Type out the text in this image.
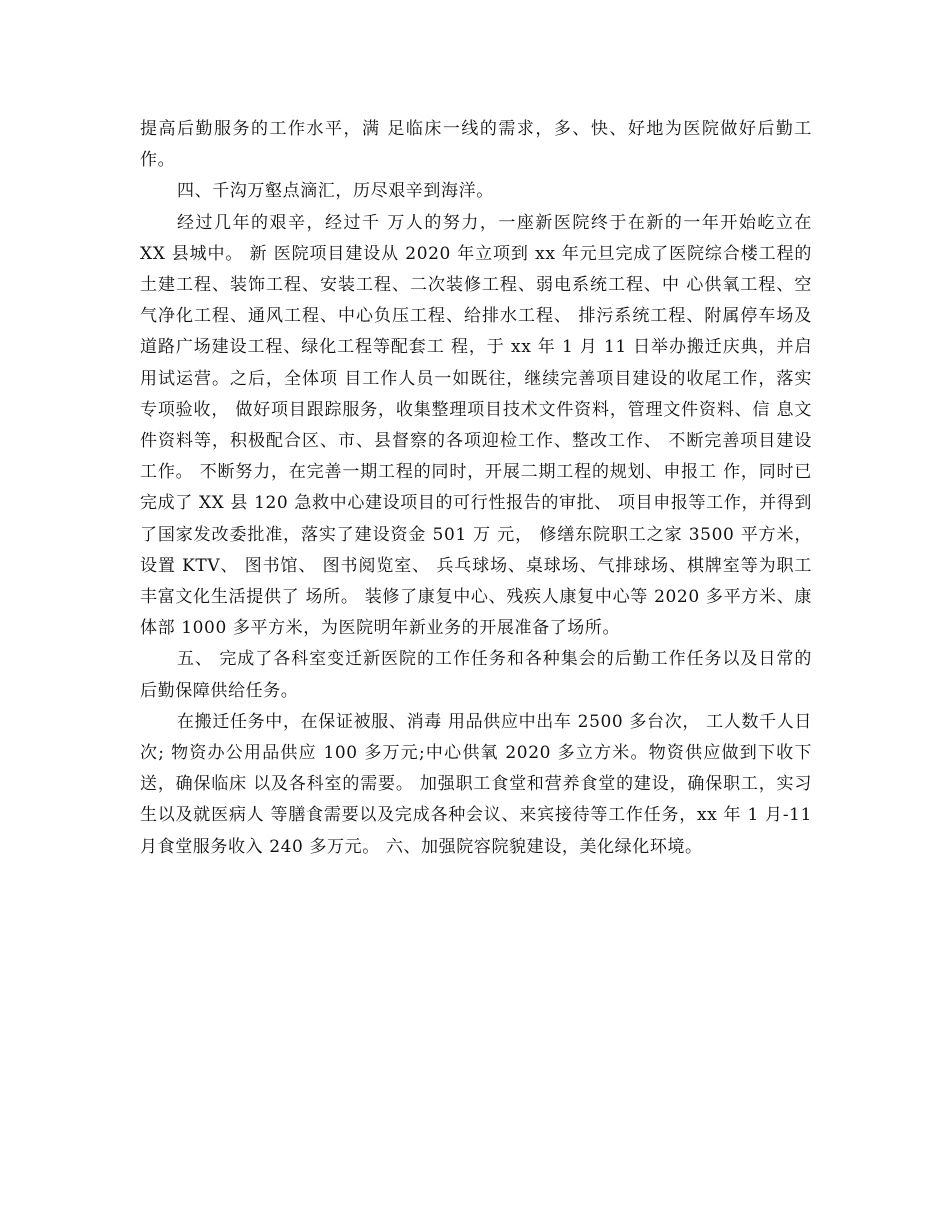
提高后勤服务的工作水平，满 足临床一线的需求，多、快、好地为医院做好后勤工作。

四、千沟万壑点滴汇，历尽艰辛到海洋。

经过几年的艰辛，经过千 万人的努力，一座新医院终于在新的一年开始屹立在 XX 县城中。 新 医院项目建设从 2020 年立项到 xx 年元旦完成了医院综合楼工程的 土建工程、装饰工程、安装工程、二次装修工程、弱电系统工程、中 心供氧工程、空气净化工程、通风工程、中心负压工程、给排水工程、 排污系统工程、附属停车场及道路广场建设工程、绿化工程等配套工 程，于 xx 年 1 月 11 日举办搬迁庆典，并启用试运营。之后，全体项 目工作人员一如既往，继续完善项目建设的收尾工作，落实专项验收， 做好项目跟踪服务，收集整理项目技术文件资料，管理文件资料、信 息文件资料等，积极配合区、市、县督察的各项迎检工作、整改工作、 不断完善项目建设工作。 不断努力，在完善一期工程的同时，开展二期工程的规划、申报工 作，同时已完成了 XX 县 120 急救中心建设项目的可行性报告的审批、 项目申报等工作，并得到了国家发改委批准，落实了建设资金 501 万 元， 修缮东院职工之家 3500 平方米， 设置 KTV、 图书馆、 图书阅览室、 兵乓球场、桌球场、气排球场、棋牌室等为职工丰富文化生活提供了 场所。 装修了康复中心、残疾人康复中心等 2020 多平方米、康体部 1000 多平方米，为医院明年新业务的开展准备了场所。

五、 完成了各科室变迁新医院的工作任务和各种集会的后勤工作任务以及日常的后勤保障供给任务。

在搬迁任务中，在保证被服、消毒 用品供应中出车 2500 多台次， 工人数千人日次; 物资办公用品供应 100 多万元;中心供氧 2020 多立方米。物资供应做到下收下送，确保临床 以及各科室的需要。 加强职工食堂和营养食堂的建设，确保职工，实习生以及就医病人 等膳食需要以及完成各种会议、来宾接待等工作任务，xx 年 1 月-11 月食堂服务收入 240 多万元。 六、加强院容院貌建设，美化绿化环境。
